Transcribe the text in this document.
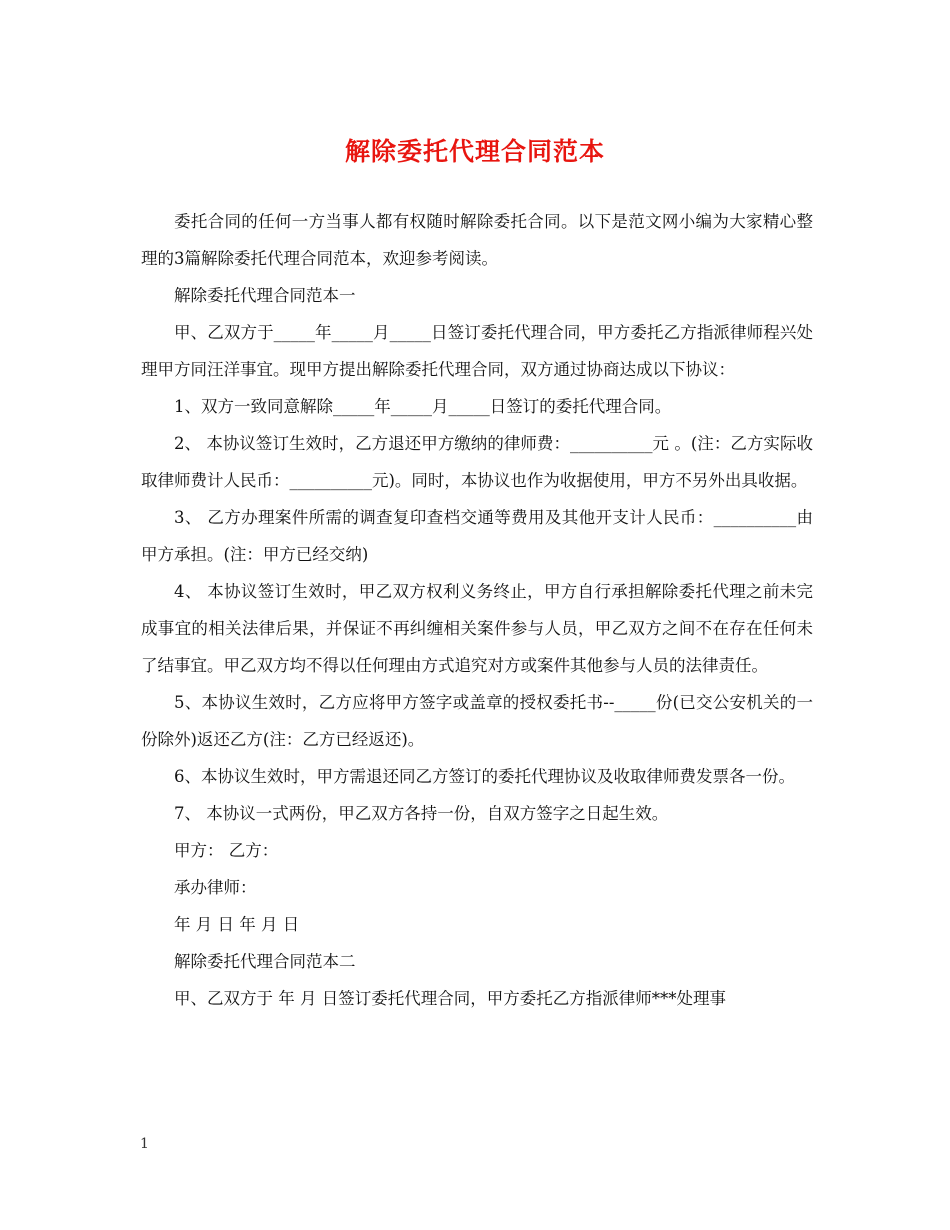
解除委托代理合同范本

委托合同的任何一方当事人都有权随时解除委托合同。以下是范文网小编为大家精心整理的3篇解除委托代理合同范本，欢迎参考阅读。

解除委托代理合同范本一

甲、乙双方于_____年_____月_____日签订委托代理合同，甲方委托乙方指派律师程兴处理甲方同汪洋事宜。现甲方提出解除委托代理合同，双方通过协商达成以下协议：

1、双方一致同意解除_____年_____月_____日签订的委托代理合同。

2、 本协议签订生效时，乙方退还甲方缴纳的律师费：__________元 。(注：乙方实际收取律师费计人民币：__________元)。同时，本协议也作为收据使用，甲方不另外出具收据。

3、 乙方办理案件所需的调查复印查档交通等费用及其他开支计人民币：__________由甲方承担。(注：甲方已经交纳)

4、 本协议签订生效时，甲乙双方权利义务终止，甲方自行承担解除委托代理之前未完成事宜的相关法律后果，并保证不再纠缠相关案件参与人员，甲乙双方之间不在存在任何未了结事宜。甲乙双方均不得以任何理由方式追究对方或案件其他参与人员的法律责任。

5、本协议生效时，乙方应将甲方签字或盖章的授权委托书--_____份(已交公安机关的一份除外)返还乙方(注：乙方已经返还)。

6、本协议生效时，甲方需退还同乙方签订的委托代理协议及收取律师费发票各一份。

7、 本协议一式两份，甲乙双方各持一份，自双方签字之日起生效。

甲方： 乙方：

承办律师：

年 月 日 年 月 日

解除委托代理合同范本二

甲、乙双方于 年 月 日签订委托代理合同，甲方委托乙方指派律师***处理事

1
